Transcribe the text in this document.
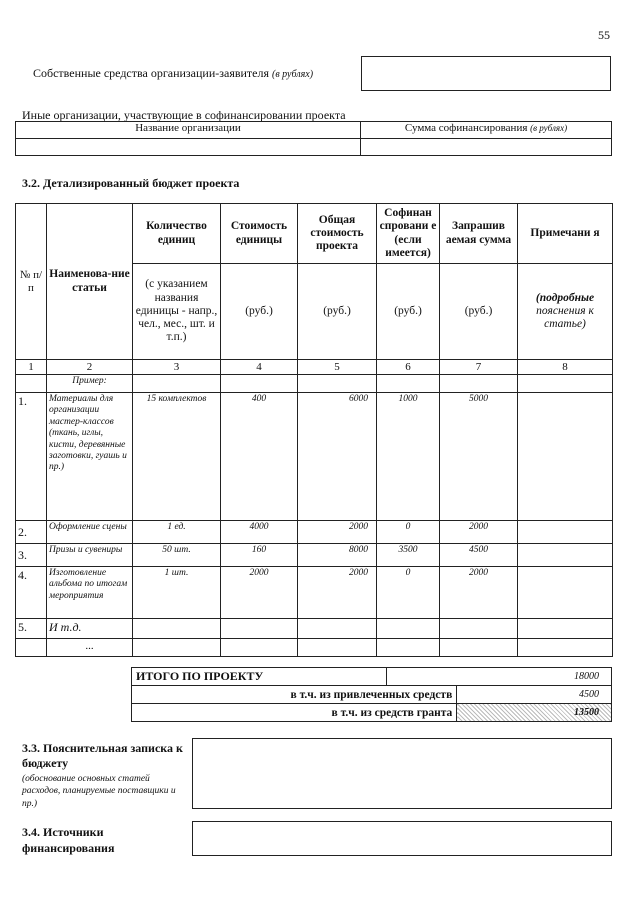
55
Собственные средства организации-заявителя (в рублях)
Иные организации, участвующие в софинансировании проекта
Название организации	Сумма софинансирования (в рублях)

3.2. Детализированный бюджет проекта
№ п/п	Наименова-ние статьи	Количество единиц	Стоимость единицы	Общая стоимость проекта	Софинан спровани е (если имеется)	Запрашив аемая сумма	Примечани я
		(с указанием названия единицы - напр., чел., мес., шт. и т.п.)	(руб.)	(руб.)	(руб.)	(руб.)	(подробные
пояснения к статье)
1	2	3	4	5	6	7	8
	Пример:						
1.	Материалы для организации мастер-классов (ткань, иглы, кисти, деревянные заготовки, гуашь и пр.)	15 комплектов	400	6000	1000	5000	
2.	Оформление сцены	1 ед.	4000	2000	0	2000	
3.	Призы и сувениры	50 шт.	160	8000	3500	4500	
4.	Изготовление альбома по итогам мероприятия	1 шт.	2000	2000	0	2000	
5.	И т.д.						
	...						
ИТОГО ПО ПРОЕКТУ	18000	
в т.ч. из привлеченных средств		4500
в т.ч. из средств гранта		13500
3.3. Пояснительная записка к бюджету
(обоснование основных статей расходов, планируемые поставщики и пр.)
3.4. Источники финансирования
